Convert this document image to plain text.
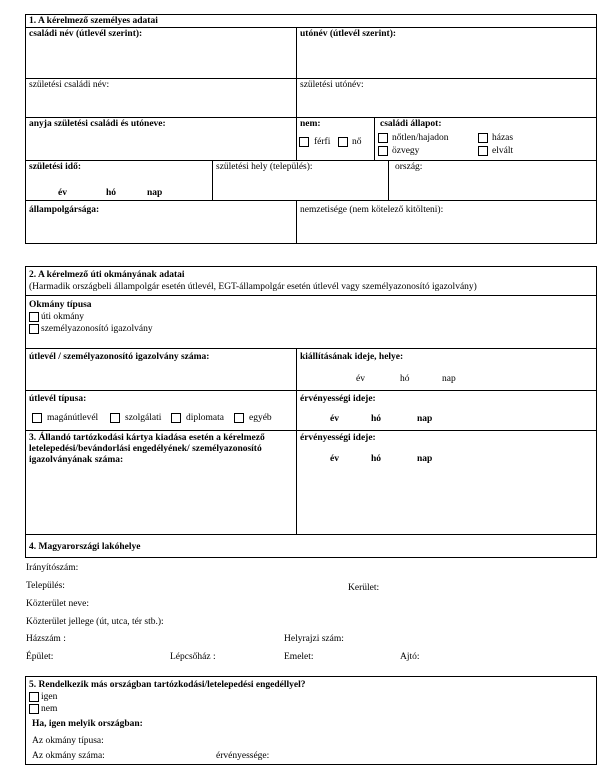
1. A kérelmező személyes adatai
családi név (útlevél szerint):	utónév (útlevél szerint):
születési családi név:	születési utónév:
anyja születési családi és utóneve:	nem:
férfi nő
családi állapot:
nőtlen/hajadon	házas
özvegy	elvált
születési idő:
év	hó	nap
születési hely (település):	ország:
állampolgársága:	nemzetisége (nem kötelező kitölteni):
2. A kérelmező úti okmányának adatai
(Harmadik országbeli állampolgár esetén útlevél, EGT-állampolgár esetén útlevél vagy személyazonosító igazolvány)
Okmány típusa
úti okmány
személyazonosító igazolvány
útlevél / személyazonosító igazolvány száma:	kiállításának ideje, helye:
év	hó	nap
útlevél típusa:
magánútlevél	szolgálati	diplomata	egyéb
érvényességi ideje:
év	hó	nap
3. Állandó tartózkodási kártya kiadása esetén a kérelmező letelepedési/bevándorlási engedélyének/ személyazonosító igazolványának száma:
érvényességi ideje:
év	hó	nap
4. Magyarországi lakóhelye
Irányítószám:
Település:	Kerület:
Közterület neve:
Közterület jellege (út, utca, tér stb.):
Házszám :	Helyrajzi szám:
Épület:	Lépcsőház :	Emelet:	Ajtó:
5. Rendelkezik más országban tartózkodási/letelepedési engedéllyel?
igen
nem
Ha, igen melyik országban:
Az okmány típusa:
Az okmány száma:	érvényessége:
